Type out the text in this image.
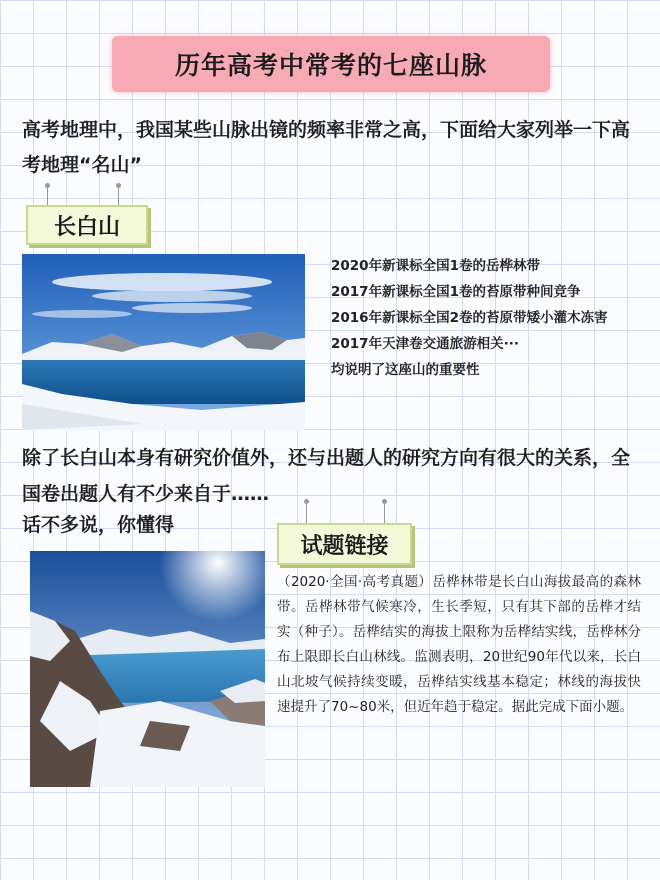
历年高考中常考的七座山脉
高考地理中，我国某些山脉出镜的频率非常之高，下面给大家列举一下高考地理“名山”
长白山
2020年新课标全国1卷的岳桦林带
2017年新课标全国1卷的苔原带种间竞争
2016年新课标全国2卷的苔原带矮小灌木冻害
2017年天津卷交通旅游相关···
均说明了这座山的重要性
除了长白山本身有研究价值外，还与出题人的研究方向有很大的关系，全国卷出题人有不少来自于……
话不多说，你懂得
试题链接
（2020·全国·高考真题）岳桦林带是长白山海拔最高的森林带。岳桦林带气候寒冷，生长季短，只有其下部的岳桦才结实（种子）。岳桦结实的海拔上限称为岳桦结实线，岳桦林分布上限即长白山林线。监测表明，20世纪90年代以来，长白山北坡气候持续变暖，岳桦结实线基本稳定；林线的海拔快速提升了70~80米，但近年趋于稳定。据此完成下面小题。
